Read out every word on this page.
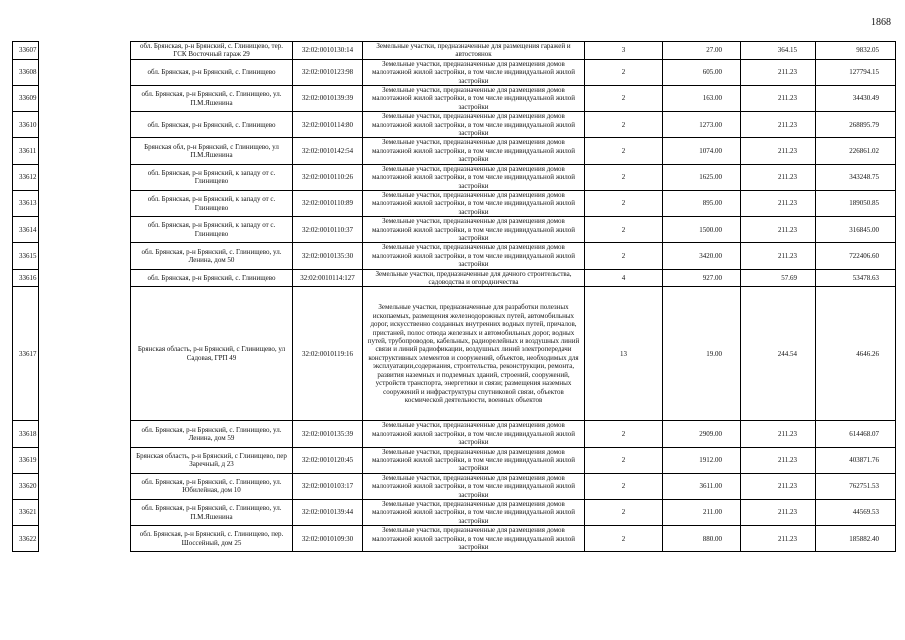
1868
33607		обл. Брянская, р-н Брянский, с. Глинищево, тер. ГСК Восточный гараж 29	32:02:0010130:14	Земельные участки, предназначенные для размещения гаражей и автостоянок	3	27.00	364.15	9832.05
33608		обл. Брянская, р-н Брянский, с. Глинищево	32:02:0010123:98	Земельные участки, предназначенные для размещения домов малоэтажной жилой застройки, в том числе индивидуальной жилой застройки	2	605.00	211.23	127794.15
33609		обл. Брянская, р-н Брянский, с. Глинищево, ул. П.М.Яшенина	32:02:0010139:39	Земельные участки, предназначенные для размещения домов малоэтажной жилой застройки, в том числе индивидуальной жилой застройки	2	163.00	211.23	34430.49
33610		обл. Брянская, р-н Брянский, с. Глинищево	32:02:0010114:80	Земельные участки, предназначенные для размещения домов малоэтажной жилой застройки, в том числе индивидуальной жилой застройки	2	1273.00	211.23	268895.79
33611		Брянская обл, р-н Брянский, с Глинищево, ул П.М.Яшенина	32:02:0010142:54	Земельные участки, предназначенные для размещения домов малоэтажной жилой застройки, в том числе индивидуальной жилой застройки	2	1074.00	211.23	226861.02
33612		обл. Брянская, р-н Брянский, к западу от с. Глинищево	32:02:0010110:26	Земельные участки, предназначенные для размещения домов малоэтажной жилой застройки, в том числе индивидуальной жилой застройки	2	1625.00	211.23	343248.75
33613		обл. Брянская, р-н Брянский, к западу от с. Глинищево	32:02:0010110:89	Земельные участки, предназначенные для размещения домов малоэтажной жилой застройки, в том числе индивидуальной жилой застройки	2	895.00	211.23	189050.85
33614		обл. Брянская, р-н Брянский, к западу от с. Глинищево	32:02:0010110:37	Земельные участки, предназначенные для размещения домов малоэтажной жилой застройки, в том числе индивидуальной жилой застройки	2	1500.00	211.23	316845.00
33615		обл. Брянская, р-н Брянский, с. Глинищево, ул. Ленина, дом 50	32:02:0010135:30	Земельные участки, предназначенные для размещения домов малоэтажной жилой застройки, в том числе индивидуальной жилой застройки	2	3420.00	211.23	722406.60
33616		обл. Брянская, р-н Брянский, с. Глинищево	32:02:0010114:127	Земельные участки, предназначенные для дачного строительства, садоводства и огородничества	4	927.00	57.69	53478.63
33617		Брянская область, р-н Брянский, с Глинищево, ул Садовая, ГРП 49	32:02:0010119:16	Земельные участки, предназначенные для разработки полезных ископаемых, размещения железнодорожных путей, автомобильных дорог, искусственно созданных внутренних водных путей, причалов, пристаней, полос отвода железных и автомобильных дорог, водных путей, трубопроводов, кабельных, радиорелейных и воздушных линий связи и линий радиофикации, воздушных линий электропередачи конструктивных элементов и сооружений, объектов, необходимых для эксплуатации,содержания, строительства, реконструкции, ремонта, развития наземных и подземных зданий, строений, сооружений, устройств транспорта, энергетики и связи; размещения наземных сооружений и инфраструктуры спутниковой связи, объектов космической деятельности, военных объектов	13	19.00	244.54	4646.26
33618		обл. Брянская, р-н Брянский, с. Глинищево, ул. Ленина, дом 59	32:02:0010135:39	Земельные участки, предназначенные для размещения домов малоэтажной жилой застройки, в том числе индивидуальной жилой застройки	2	2909.00	211.23	614468.07
33619		Брянская область, р-н Брянский, с Глинищево, пер Заречный, д 23	32:02:0010120:45	Земельные участки, предназначенные для размещения домов малоэтажной жилой застройки, в том числе индивидуальной жилой застройки	2	1912.00	211.23	403871.76
33620		обл. Брянская, р-н Брянский, с. Глинищево, ул. Юбилейная, дом 10	32:02:0010103:17	Земельные участки, предназначенные для размещения домов малоэтажной жилой застройки, в том числе индивидуальной жилой застройки	2	3611.00	211.23	762751.53
33621		обл. Брянская, р-н Брянский, с. Глинищево, ул. П.М.Яшенина	32:02:0010139:44	Земельные участки, предназначенные для размещения домов малоэтажной жилой застройки, в том числе индивидуальной жилой застройки	2	211.00	211.23	44569.53
33622		обл. Брянская, р-н Брянский, с. Глинищево, пер. Шоссейный, дом 25	32:02:0010109:30	Земельные участки, предназначенные для размещения домов малоэтажной жилой застройки, в том числе индивидуальной жилой застройки	2	880.00	211.23	185882.40
